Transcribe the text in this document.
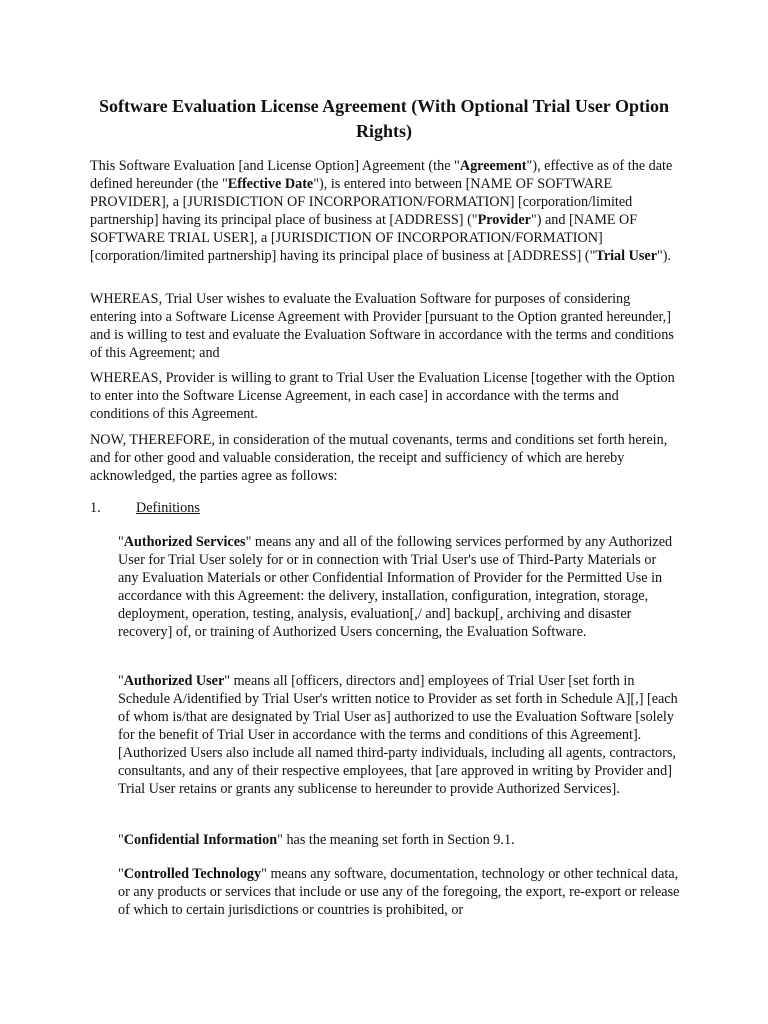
Software Evaluation License Agreement (With Optional Trial User Option Rights)

This Software Evaluation [and License Option] Agreement (the "Agreement"), effective as of the date defined hereunder (the "Effective Date"), is entered into between [NAME OF SOFTWARE PROVIDER], a [JURISDICTION OF INCORPORATION/FORMATION] [corporation/limited partnership] having its principal place of business at [ADDRESS] ("Provider") and [NAME OF SOFTWARE TRIAL USER], a [JURISDICTION OF INCORPORATION/FORMATION] [corporation/limited partnership] having its principal place of business at [ADDRESS] ("Trial User").

WHEREAS, Trial User wishes to evaluate the Evaluation Software for purposes of considering entering into a Software License Agreement with Provider [pursuant to the Option granted hereunder,] and is willing to test and evaluate the Evaluation Software in accordance with the terms and conditions of this Agreement; and

WHEREAS, Provider is willing to grant to Trial User the Evaluation License [together with the Option to enter into the Software License Agreement, in each case] in accordance with the terms and conditions of this Agreement.

NOW, THEREFORE, in consideration of the mutual covenants, terms and conditions set forth herein, and for other good and valuable consideration, the receipt and sufficiency of which are hereby acknowledged, the parties agree as follows:

1. Definitions

"Authorized Services" means any and all of the following services performed by any Authorized User for Trial User solely for or in connection with Trial User's use of Third-Party Materials or any Evaluation Materials or other Confidential Information of Provider for the Permitted Use in accordance with this Agreement: the delivery, installation, configuration, integration, storage, deployment, operation, testing, analysis, evaluation[,/ and] backup[, archiving and disaster recovery] of, or training of Authorized Users concerning, the Evaluation Software.

"Authorized User" means all [officers, directors and] employees of Trial User [set forth in Schedule A/identified by Trial User's written notice to Provider as set forth in Schedule A][,] [each of whom is/that are designated by Trial User as] authorized to use the Evaluation Software [solely for the benefit of Trial User in accordance with the terms and conditions of this Agreement]. [Authorized Users also include all named third-party individuals, including all agents, contractors, consultants, and any of their respective employees, that [are approved in writing by Provider and] Trial User retains or grants any sublicense to hereunder to provide Authorized Services].

"Confidential Information" has the meaning set forth in Section 9.1.

"Controlled Technology" means any software, documentation, technology or other technical data, or any products or services that include or use any of the foregoing, the export, re-export or release of which to certain jurisdictions or countries is prohibited, or
